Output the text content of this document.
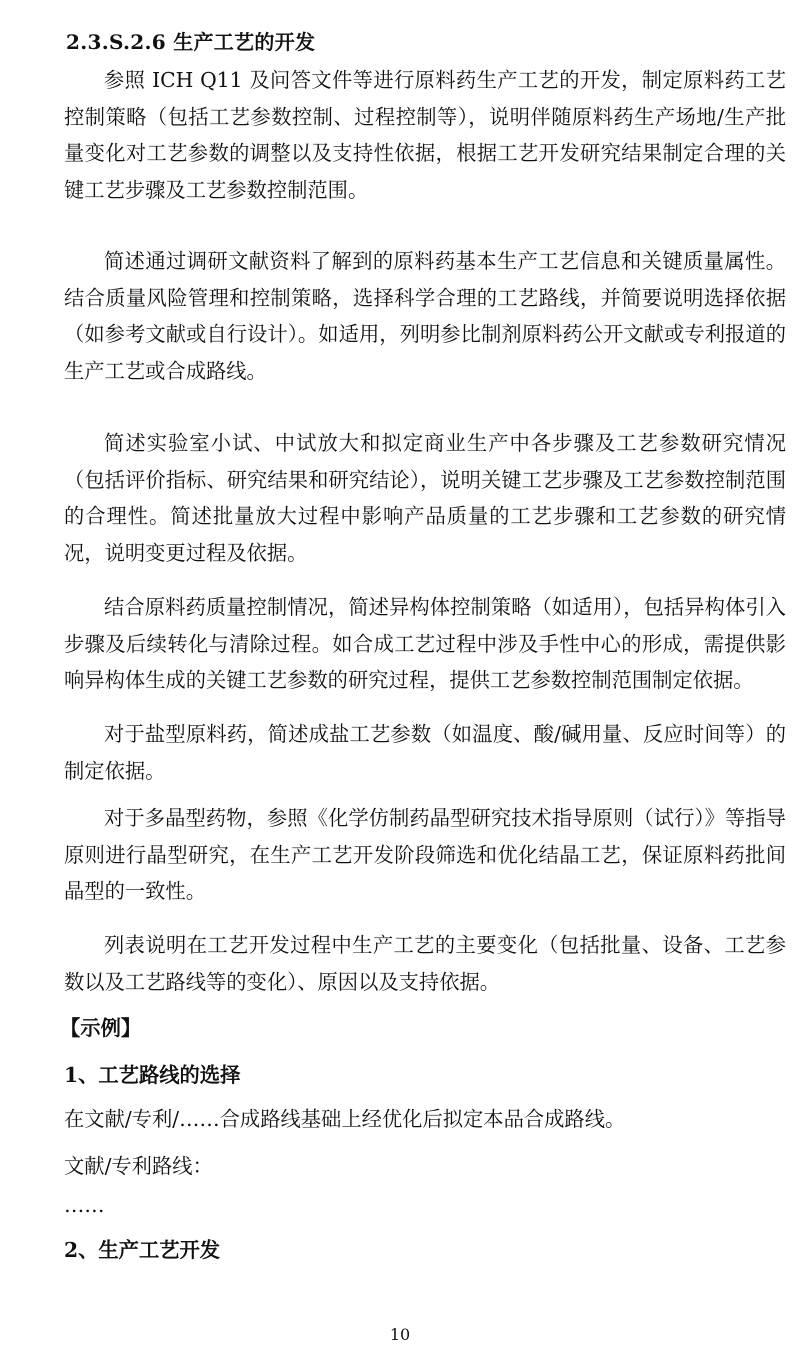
2.3.S.2.6 生产工艺的开发

参照 ICH Q11 及问答文件等进行原料药生产工艺的开发，制定原料药工艺控制策略（包括工艺参数控制、过程控制等），说明伴随原料药生产场地/生产批量变化对工艺参数的调整以及支持性依据，根据工艺开发研究结果制定合理的关键工艺步骤及工艺参数控制范围。

简述通过调研文献资料了解到的原料药基本生产工艺信息和关键质量属性。结合质量风险管理和控制策略，选择科学合理的工艺路线，并简要说明选择依据（如参考文献或自行设计）。如适用，列明参比制剂原料药公开文献或专利报道的生产工艺或合成路线。

简述实验室小试、中试放大和拟定商业生产中各步骤及工艺参数研究情况（包括评价指标、研究结果和研究结论），说明关键工艺步骤及工艺参数控制范围的合理性。简述批量放大过程中影响产品质量的工艺步骤和工艺参数的研究情况，说明变更过程及依据。

结合原料药质量控制情况，简述异构体控制策略（如适用），包括异构体引入步骤及后续转化与清除过程。如合成工艺过程中涉及手性中心的形成，需提供影响异构体生成的关键工艺参数的研究过程，提供工艺参数控制范围制定依据。

对于盐型原料药，简述成盐工艺参数（如温度、酸/碱用量、反应时间等）的制定依据。

对于多晶型药物，参照《化学仿制药晶型研究技术指导原则（试行）》等指导原则进行晶型研究，在生产工艺开发阶段筛选和优化结晶工艺，保证原料药批间晶型的一致性。

列表说明在工艺开发过程中生产工艺的主要变化（包括批量、设备、工艺参数以及工艺路线等的变化）、原因以及支持依据。

【示例】
1、工艺路线的选择
在文献/专利/……合成路线基础上经优化后拟定本品合成路线。
文献/专利路线：
……
2、生产工艺开发
10
